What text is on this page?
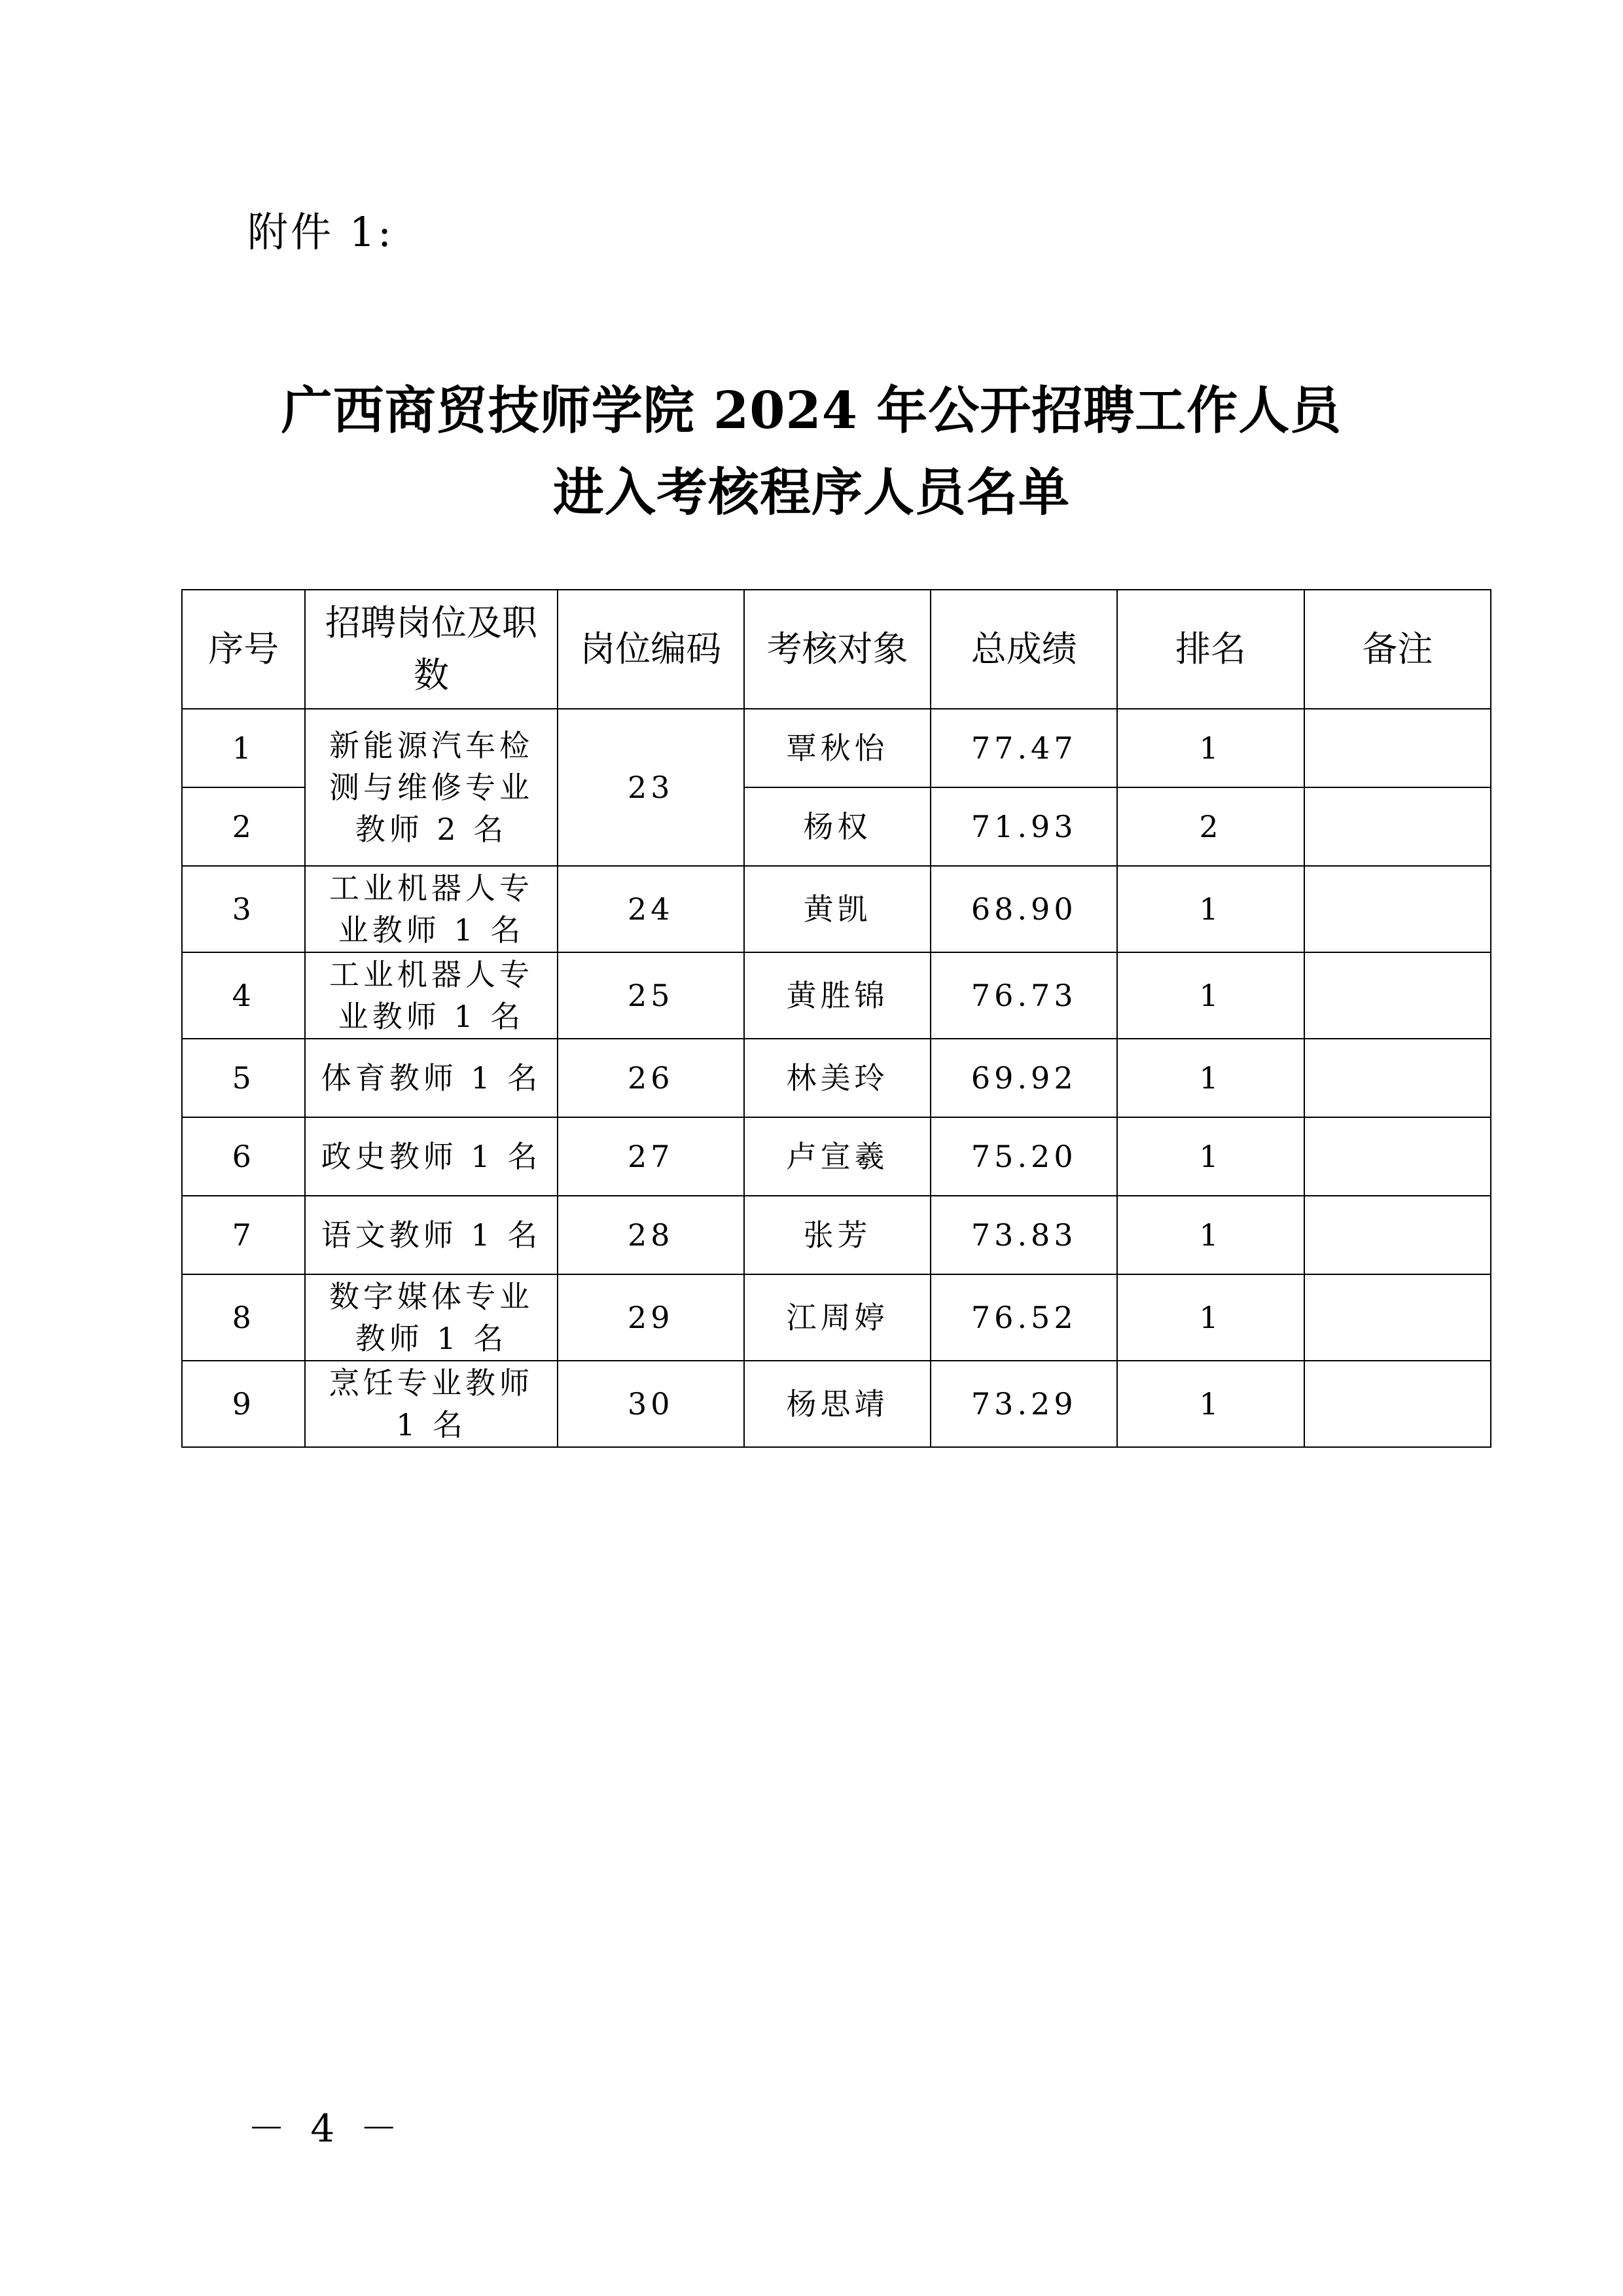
附件 1:
广西商贸技师学院 2024 年公开招聘工作人员
进入考核程序人员名单
序号	招聘岗位及职数	岗位编码	考核对象	总成绩	排名	备注
1	新能源汽车检测与维修专业教师 2 名	23	覃秋怡	77.47	1	
2			杨权	71.93	2	
3	工业机器人专业教师 1 名	24	黄凯	68.90	1	
4	工业机器人专业教师 1 名	25	黄胜锦	76.73	1	
5	体育教师 1 名	26	林美玲	69.92	1	
6	政史教师 1 名	27	卢宣羲	75.20	1	
7	语文教师 1 名	28	张芳	73.83	1	
8	数字媒体专业教师 1 名	29	江周婷	76.52	1	
9	烹饪专业教师 1 名	30	杨思靖	73.29	1	
－ 4 －
